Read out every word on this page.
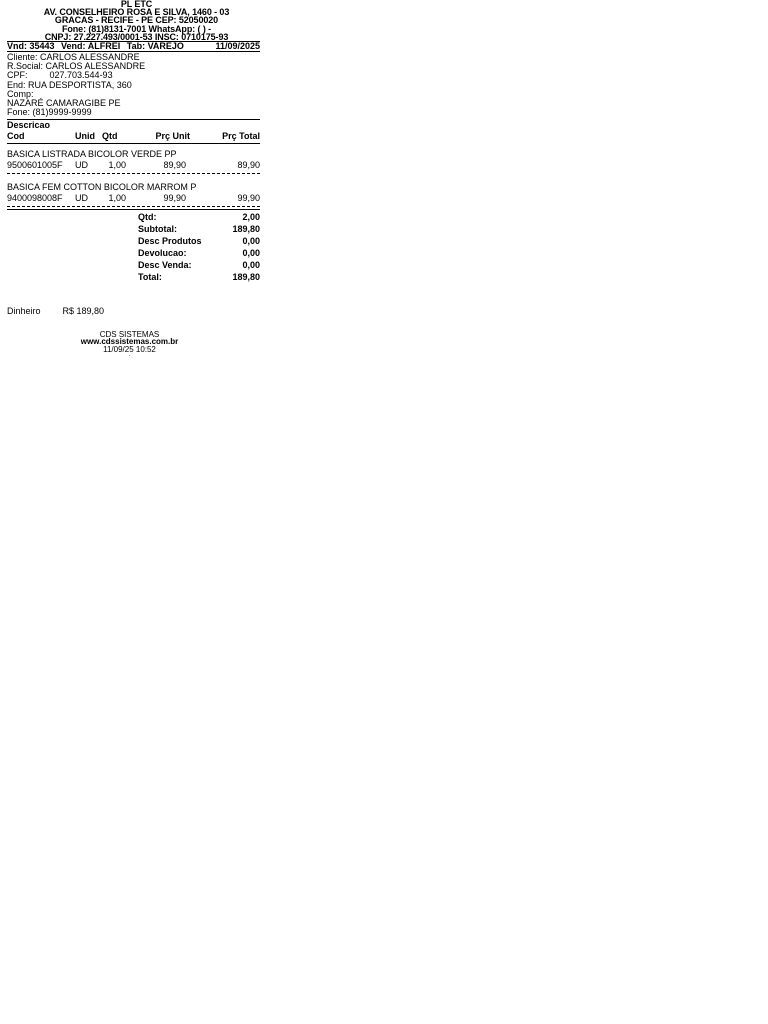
PL ETC
AV. CONSELHEIRO ROSA E SILVA, 1460 - 03
GRACAS - RECIFE - PE CEP: 52050020
Fone: (81)8131-7001 WhatsApp: ( ) -
CNPJ: 27.227.493/0001-53 INSC: 0710175-93
Vnd: 35443 Vend: ALFREI Tab: VAREJO	11/09/2025
Cliente: CARLOS ALESSANDRE
R.Social: CARLOS ALESSANDRE
CPF: 027.703.544-93
End: RUA DESPORTISTA, 360
Comp:
NAZARÉ CAMARAGIBE PE
Fone: (81)9999-9999
Descricao
Cod	Unid Qtd	Prç Unit	Prç Total
BASICA LISTRADA BICOLOR VERDE PP
9500601005F	UD	1,00	89,90	89,90
BASICA FEM COTTON BICOLOR MARROM P
9400098008F	UD	1,00	99,90	99,90
Qtd:	2,00
Subtotal:	189,80
Desc Produtos	0,00
Devolucao:	0,00
Desc Venda:	0,00
Total:	189,80
Dinheiro R$ 189,80
CDS SISTEMAS
www.cdssistemas.com.br
11/09/25 10:52
.
